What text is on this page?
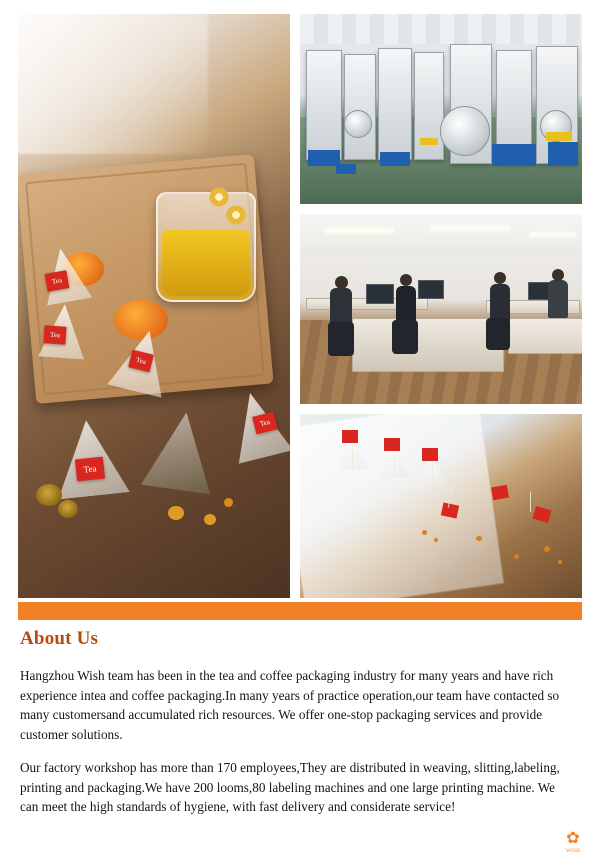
Tea
Tea
Tea
Tea
Tea
About Us

Hangzhou Wish team has been in the tea and coffee packaging industry for many years and have rich experience intea and coffee packaging.In many years of practice operation,our team have contacted so many customersand accumulated rich resources. We offer one-stop packaging services and provide customer solutions.

Our factory workshop has more than 170 employees,They are distributed in weaving, slitting,labeling, printing and packaging.We have 200 looms,80 labeling machines and one large printing machine. We can meet the high standards of hygiene, with fast delivery and considerate service!

✿
WISH
